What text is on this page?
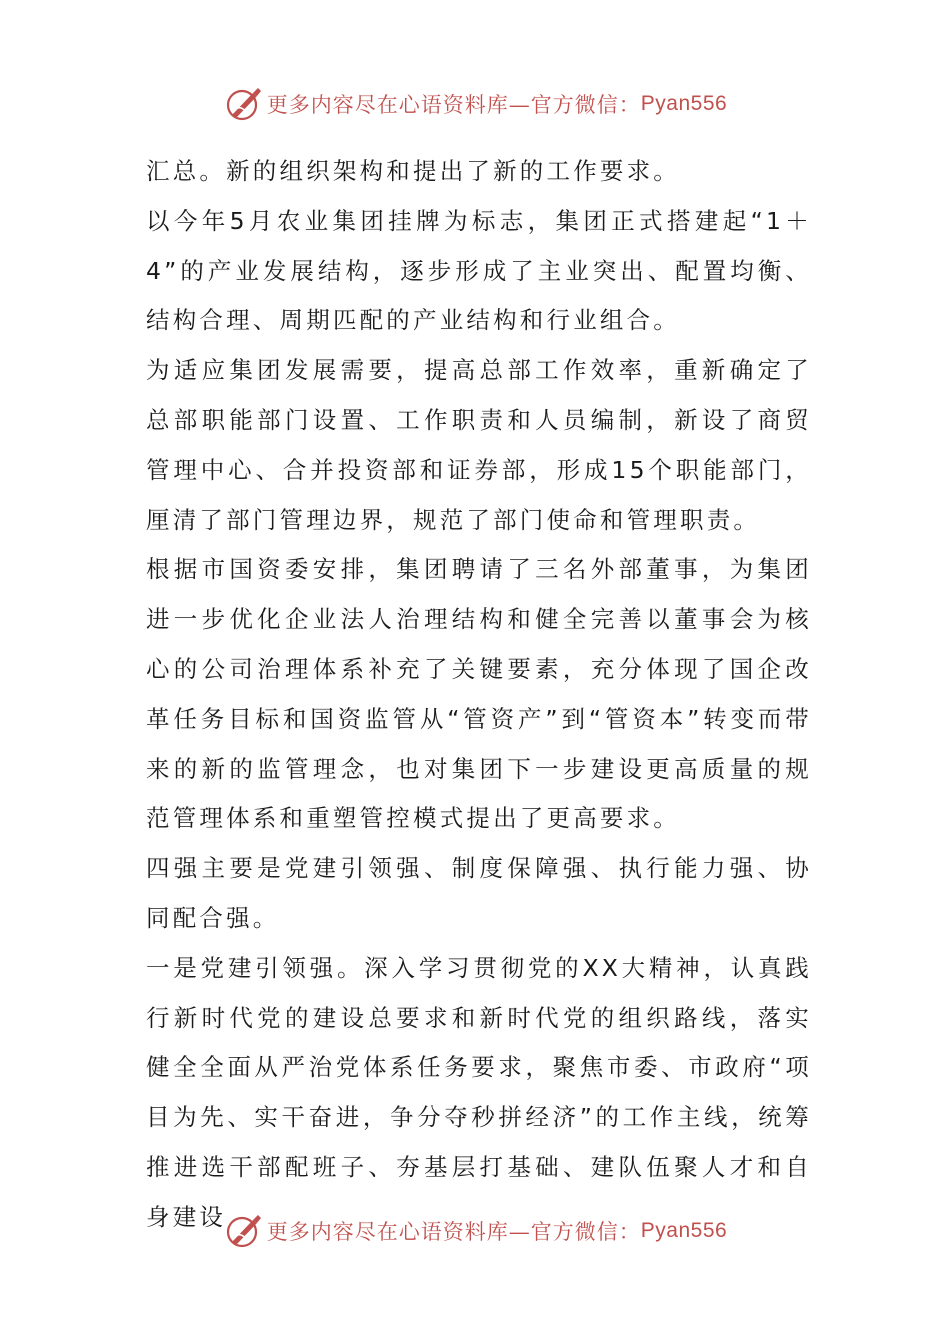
更多内容尽在心语资料库—官方微信： Pyan556

汇总。新的组织架构和提出了新的工作要求。

以今年5月农业集团挂牌为标志，集团正式搭建起“1＋4”的产业发展结构，逐步形成了主业突出、配置均衡、结构合理、周期匹配的产业结构和行业组合。

为适应集团发展需要，提高总部工作效率，重新确定了总部职能部门设置、工作职责和人员编制，新设了商贸管理中心、合并投资部和证券部，形成15个职能部门，厘清了部门管理边界，规范了部门使命和管理职责。

根据市国资委安排，集团聘请了三名外部董事，为集团进一步优化企业法人治理结构和健全完善以董事会为核心的公司治理体系补充了关键要素，充分体现了国企改革任务目标和国资监管从“管资产”到“管资本”转变而带来的新的监管理念，也对集团下一步建设更高质量的规范管理体系和重塑管控模式提出了更高要求。

四强主要是党建引领强、制度保障强、执行能力强、协同配合强。

一是党建引领强。深入学习贯彻党的XX大精神，认真践行新时代党的建设总要求和新时代党的组织路线，落实健全全面从严治党体系任务要求，聚焦市委、市政府“项目为先、实干奋进，争分夺秒拼经济”的工作主线，统筹推进选干部配班子、夯基层打基础、建队伍聚人才和自身建设

更多内容尽在心语资料库—官方微信： Pyan556
